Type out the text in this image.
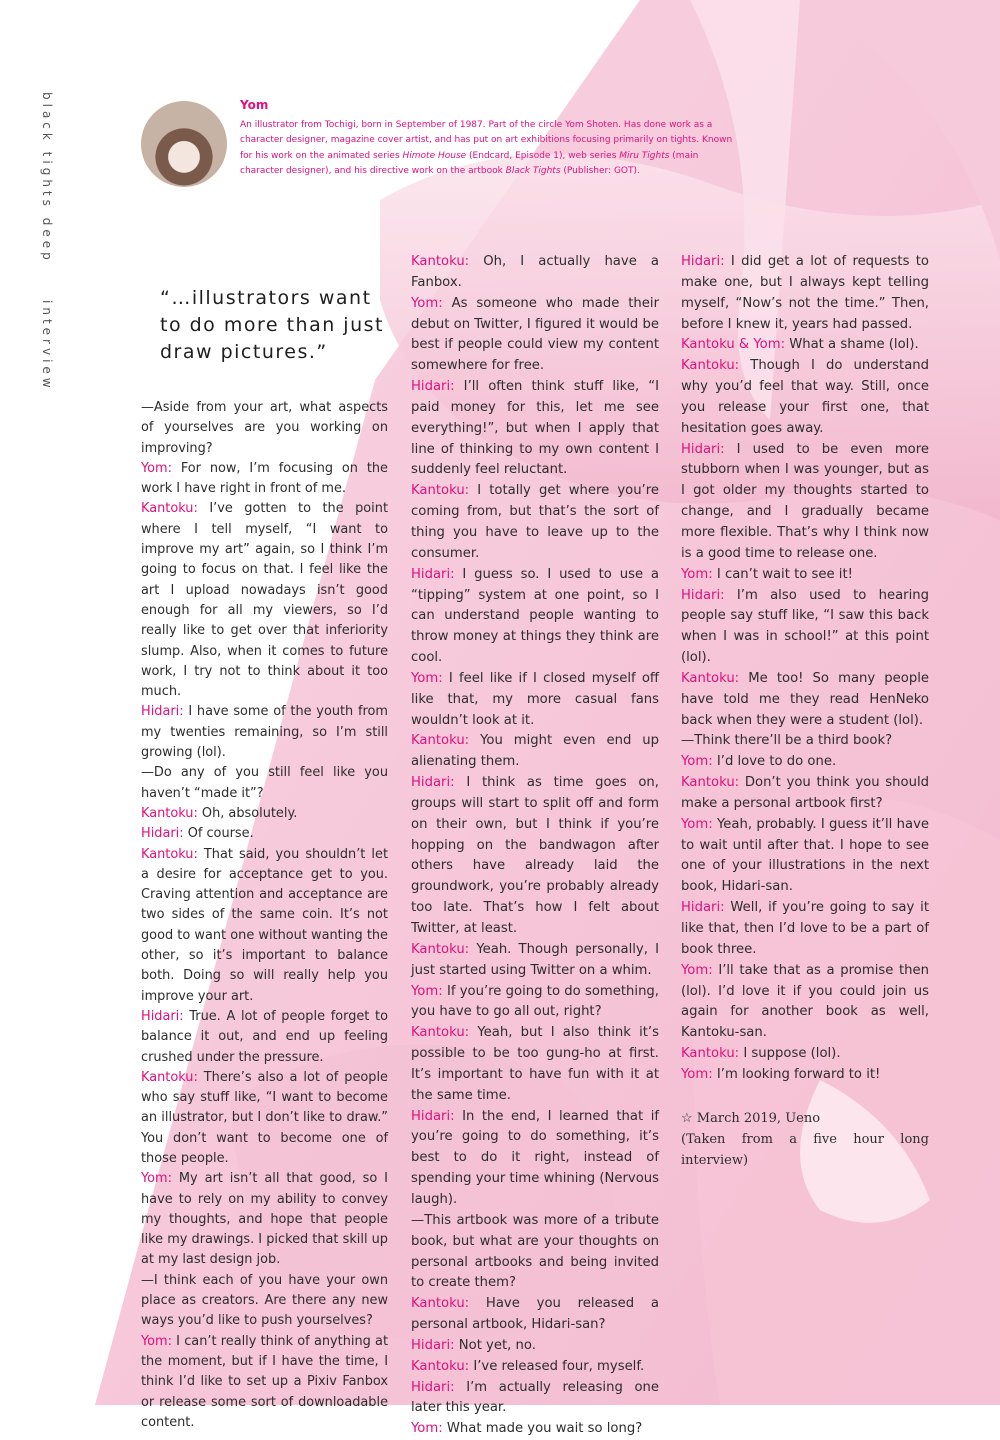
black tights deep
interview
Yom
An illustrator from Tochigi, born in September of 1987. Part of the circle Yom Shoten. Has done work as a character designer, magazine cover artist, and has put on art exhibitions focusing primarily on tights. Known for his work on the animated series Himote House (Endcard, Episode 1), web series Miru Tights (main character designer), and his directive work on the artbook Black Tights (Publisher: GOT).
“…illustrators want to do more than just draw pictures.”

—Aside from your art, what aspects of yourselves are you working on improving?

Yom: For now, I’m focusing on the work I have right in front of me.

Kantoku: I’ve gotten to the point where I tell myself, “I want to improve my art” again, so I think I’m going to focus on that. I feel like the art I upload nowadays isn’t good enough for all my viewers, so I’d really like to get over that inferiority slump. Also, when it comes to future work, I try not to think about it too much.

Hidari: I have some of the youth from my twenties remaining, so I’m still growing (lol).

—Do any of you still feel like you haven’t “made it”?

Kantoku: Oh, absolutely.

Hidari: Of course.

Kantoku: That said, you shouldn’t let a desire for acceptance get to you. Craving attention and acceptance are two sides of the same coin. It’s not good to want one without wanting the other, so it’s important to balance both. Doing so will really help you improve your art.

Hidari: True. A lot of people forget to balance it out, and end up feeling crushed under the pressure.

Kantoku: There’s also a lot of people who say stuff like, “I want to become an illustrator, but I don’t like to draw.” You don’t want to become one of those people.

Yom: My art isn’t all that good, so I have to rely on my ability to convey my thoughts, and hope that people like my drawings. I picked that skill up at my last design job.

—I think each of you have your own place as creators. Are there any new ways you’d like to push yourselves?

Yom: I can’t really think of anything at the moment, but if I have the time, I think I’d like to set up a Pixiv Fanbox or release some sort of downloadable content.

Kantoku: Oh, I actually have a Fanbox.

Yom: As someone who made their debut on Twitter, I figured it would be best if people could view my content somewhere for free.

Hidari: I’ll often think stuff like, “I paid money for this, let me see everything!”, but when I apply that line of thinking to my own content I suddenly feel reluctant.

Kantoku: I totally get where you’re coming from, but that’s the sort of thing you have to leave up to the consumer.

Hidari: I guess so. I used to use a “tipping” system at one point, so I can understand people wanting to throw money at things they think are cool.

Yom: I feel like if I closed myself off like that, my more casual fans wouldn’t look at it.

Kantoku: You might even end up alienating them.

Hidari: I think as time goes on, groups will start to split off and form on their own, but I think if you’re hopping on the bandwagon after others have already laid the groundwork, you’re probably already too late. That’s how I felt about Twitter, at least.

Kantoku: Yeah. Though personally, I just started using Twitter on a whim.

Yom: If you’re going to do something, you have to go all out, right?

Kantoku: Yeah, but I also think it’s possible to be too gung-ho at first. It’s important to have fun with it at the same time.

Hidari: In the end, I learned that if you’re going to do something, it’s best to do it right, instead of spending your time whining (Nervous laugh).

—This artbook was more of a tribute book, but what are your thoughts on personal artbooks and being invited to create them?

Kantoku: Have you released a personal artbook, Hidari-san?

Hidari: Not yet, no.

Kantoku: I’ve released four, myself.

Hidari: I’m actually releasing one later this year.

Yom: What made you wait so long?

Hidari: I did get a lot of requests to make one, but I always kept telling myself, “Now’s not the time.” Then, before I knew it, years had passed.

Kantoku & Yom: What a shame (lol).

Kantoku: Though I do understand why you’d feel that way. Still, once you release your first one, that hesitation goes away.

Hidari: I used to be even more stubborn when I was younger, but as I got older my thoughts started to change, and I gradually became more flexible. That’s why I think now is a good time to release one.

Yom: I can’t wait to see it!

Hidari: I’m also used to hearing people say stuff like, “I saw this back when I was in school!” at this point (lol).

Kantoku: Me too! So many people have told me they read HenNeko back when they were a student (lol).

—Think there’ll be a third book?

Yom: I’d love to do one.

Kantoku: Don’t you think you should make a personal artbook first?

Yom: Yeah, probably. I guess it’ll have to wait until after that. I hope to see one of your illustrations in the next book, Hidari-san.

Hidari: Well, if you’re going to say it like that, then I’d love to be a part of book three.

Yom: I’ll take that as a promise then (lol). I’d love it if you could join us again for another book as well, Kantoku-san.

Kantoku: I suppose (lol).

Yom: I’m looking forward to it!

☆ March 2019, Ueno

(Taken from a five hour long interview)
